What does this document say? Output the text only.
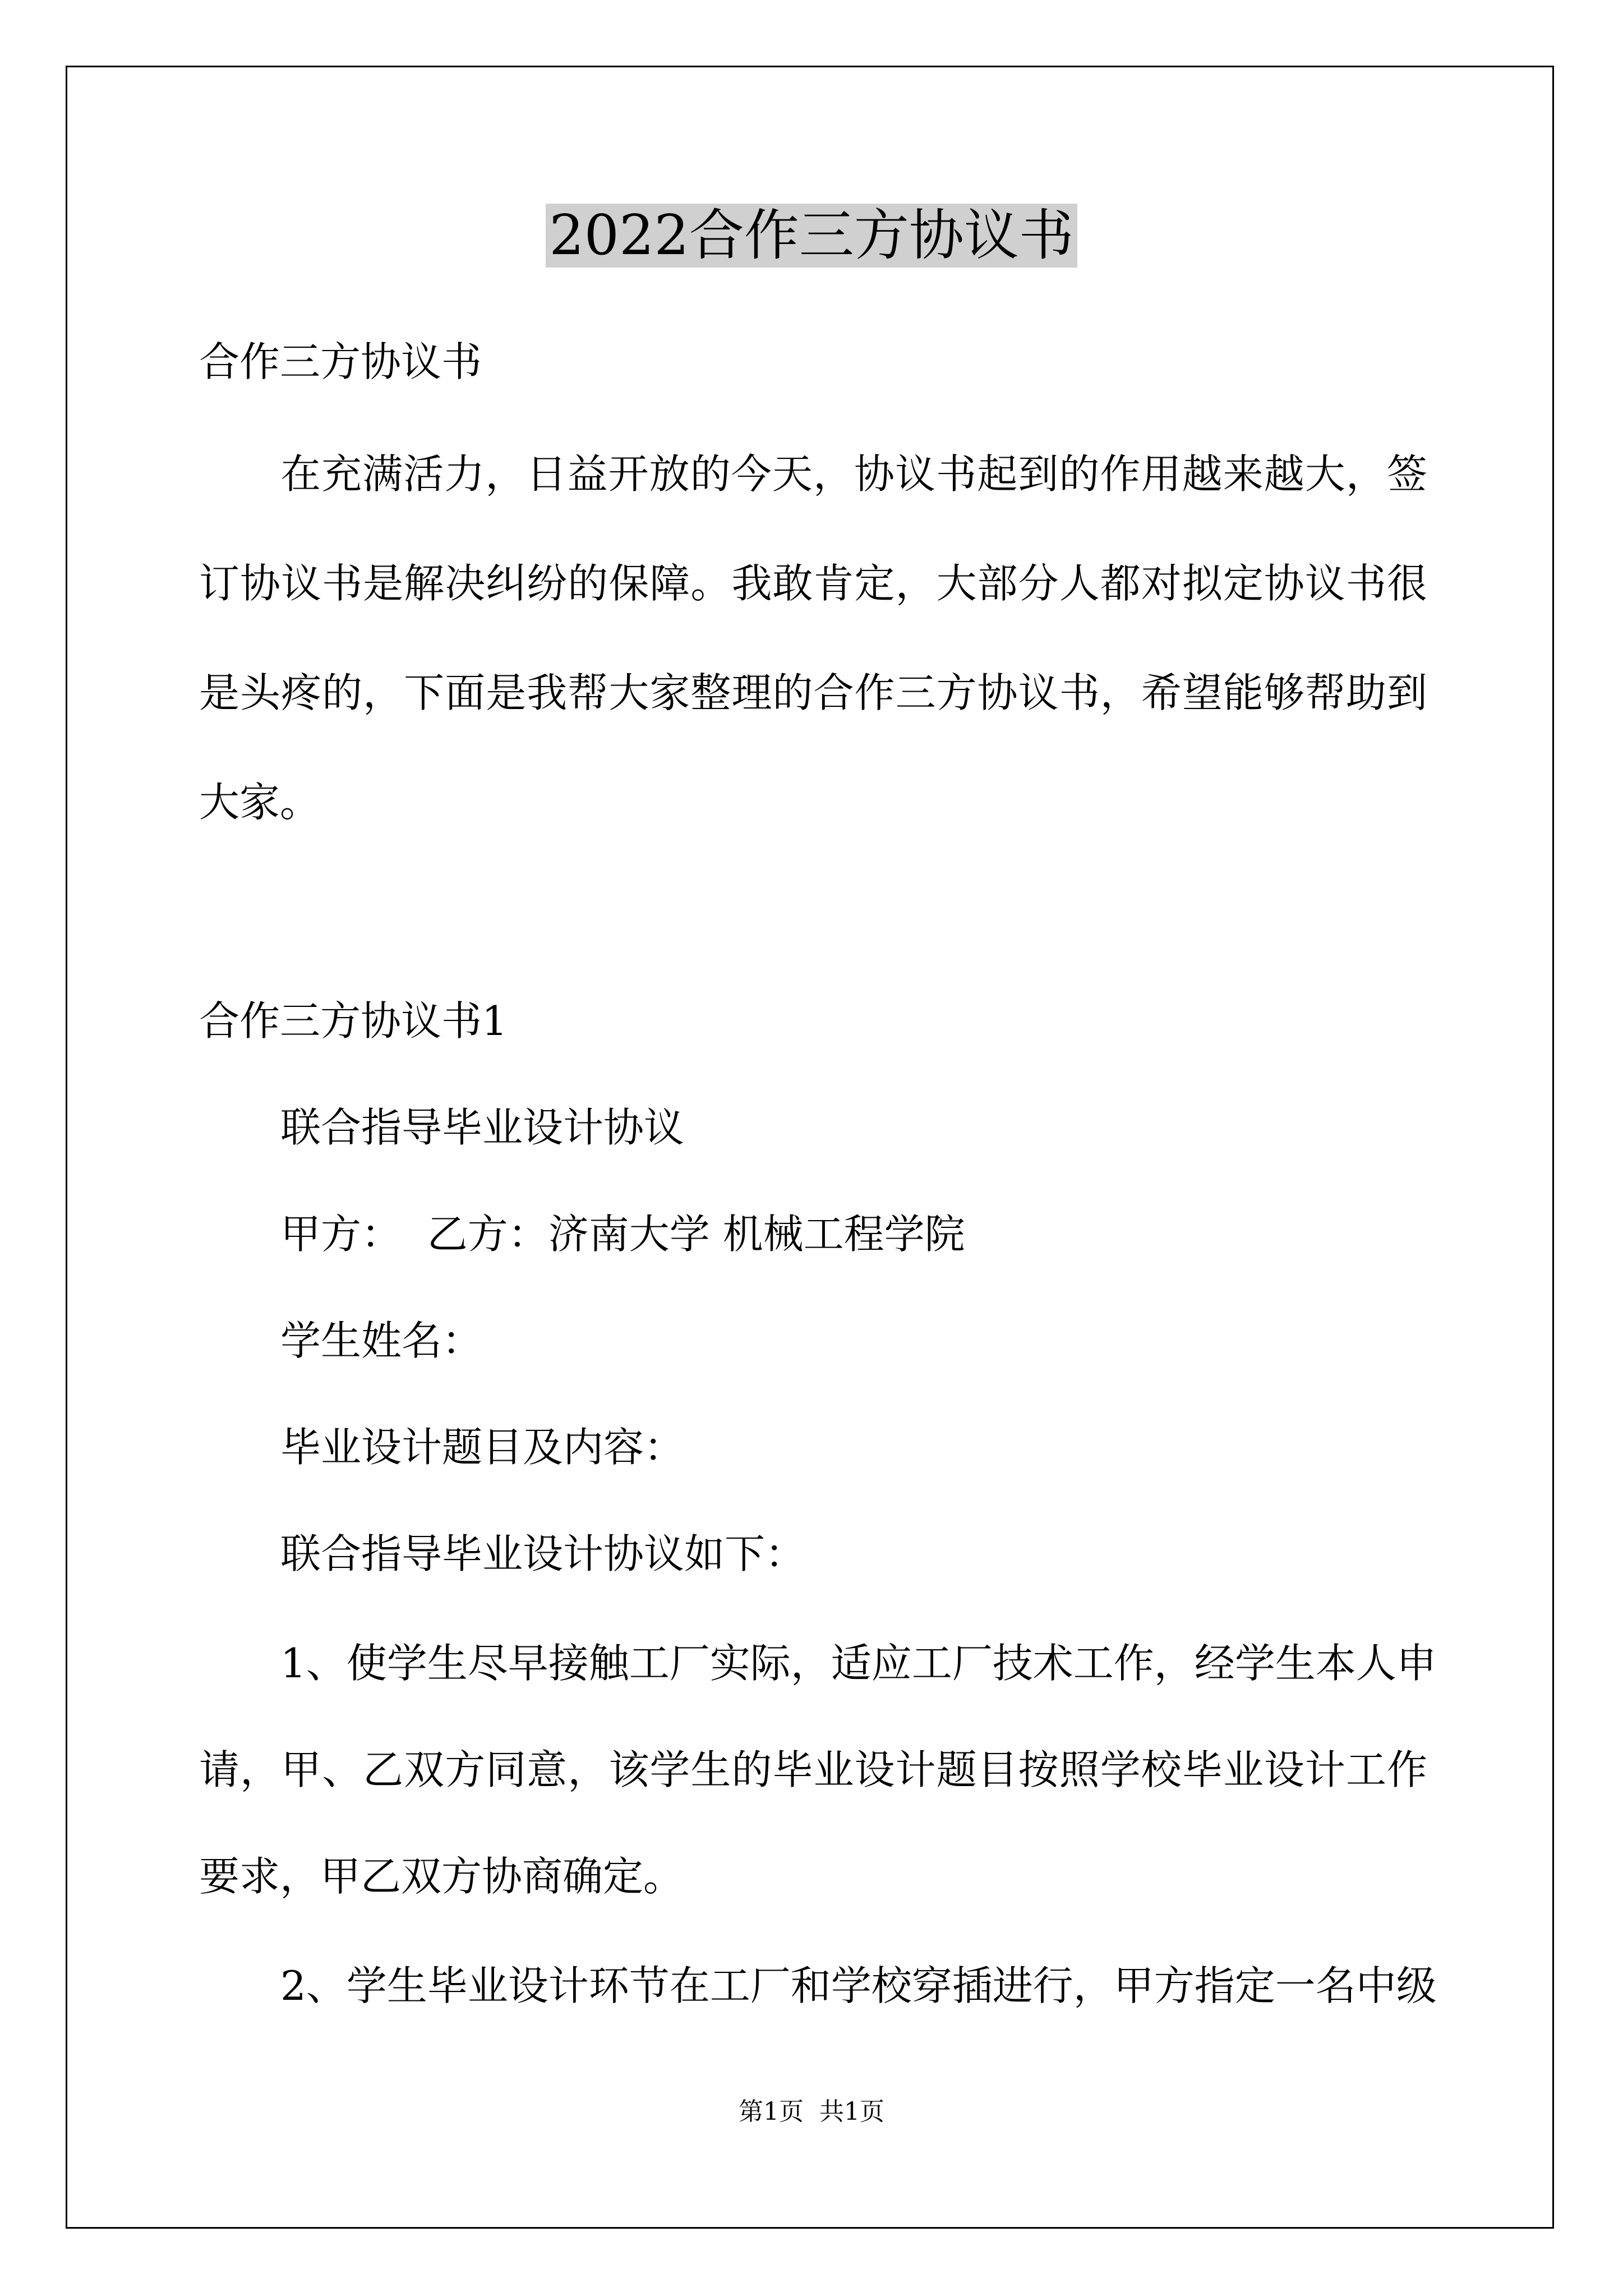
2022合作三方协议书

合作三方协议书

在充满活力，日益开放的今天，协议书起到的作用越来越大，签

订协议书是解决纠纷的保障。我敢肯定，大部分人都对拟定协议书很

是头疼的，下面是我帮大家整理的合作三方协议书，希望能够帮助到

大家。

合作三方协议书1

联合指导毕业设计协议

甲方：  乙方：济南大学 机械工程学院

学生姓名：

毕业设计题目及内容：

联合指导毕业设计协议如下：

1、使学生尽早接触工厂实际，适应工厂技术工作，经学生本人申

请，甲、乙双方同意，该学生的毕业设计题目按照学校毕业设计工作

要求，甲乙双方协商确定。

2、学生毕业设计环节在工厂和学校穿插进行，甲方指定一名中级

第1页 共1页
